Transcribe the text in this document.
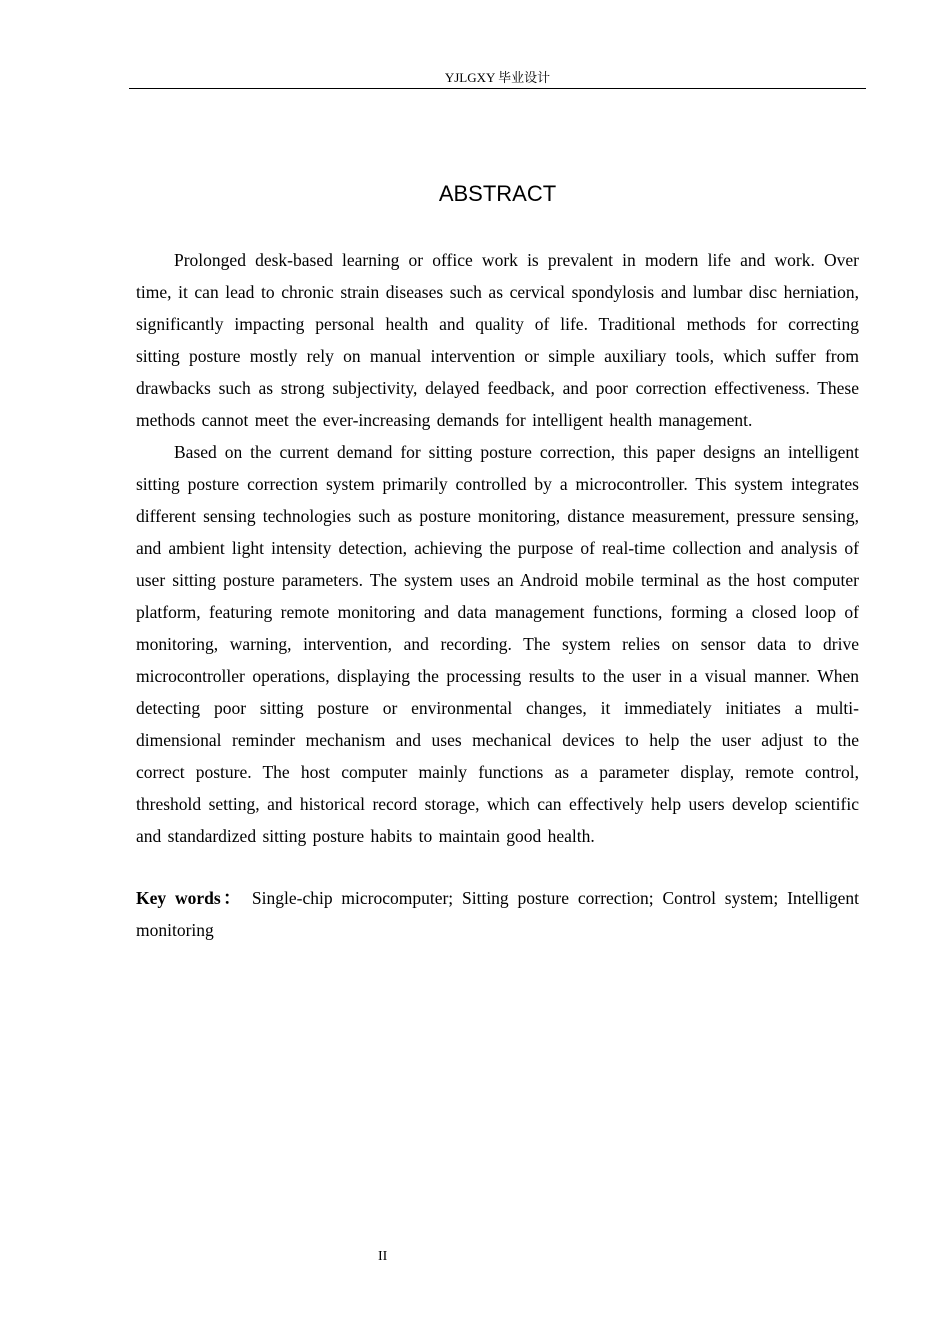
YJLGXY 毕业设计
ABSTRACT

Prolonged desk-based learning or office work is prevalent in modern life and work. Over time, it can lead to chronic strain diseases such as cervical spondylosis and lumbar disc herniation, significantly impacting personal health and quality of life. Traditional methods for correcting sitting posture mostly rely on manual intervention or simple auxiliary tools, which suffer from drawbacks such as strong subjectivity, delayed feedback, and poor correction effectiveness. These methods cannot meet the ever-increasing demands for intelligent health management.

Based on the current demand for sitting posture correction, this paper designs an intelligent sitting posture correction system primarily controlled by a microcontroller. This system integrates different sensing technologies such as posture monitoring, distance measurement, pressure sensing, and ambient light intensity detection, achieving the purpose of real-time collection and analysis of user sitting posture parameters. The system uses an Android mobile terminal as the host computer platform, featuring remote monitoring and data management functions, forming a closed loop of monitoring, warning, intervention, and recording. The system relies on sensor data to drive microcontroller operations, displaying the processing results to the user in a visual manner. When detecting poor sitting posture or environmental changes, it immediately initiates a multi-dimensional reminder mechanism and uses mechanical devices to help the user adjust to the correct posture. The host computer mainly functions as a parameter display, remote control, threshold setting, and historical record storage, which can effectively help users develop scientific and standardized sitting posture habits to maintain good health.

Key words： Single-chip microcomputer; Sitting posture correction; Control system; Intelligent monitoring

II
